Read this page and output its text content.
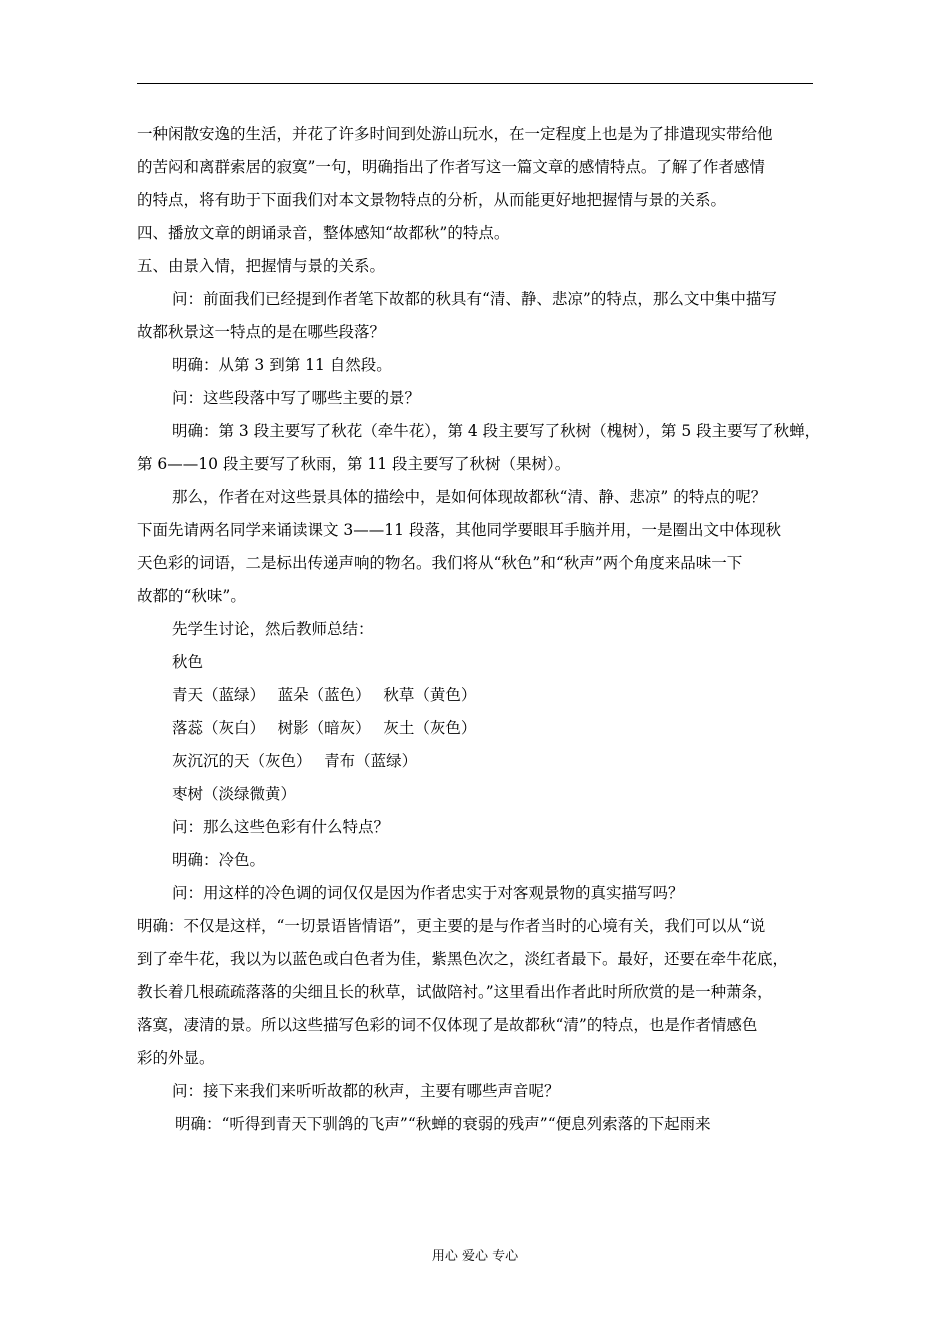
一种闲散安逸的生活，并花了许多时间到处游山玩水，在一定程度上也是为了排遣现实带给他
的苦闷和离群索居的寂寞”一句，明确指出了作者写这一篇文章的感情特点。了解了作者感情
的特点，将有助于下面我们对本文景物特点的分析，从而能更好地把握情与景的关系。
四、播放文章的朗诵录音，整体感知“故都秋”的特点。
五、由景入情，把握情与景的关系。
问：前面我们已经提到作者笔下故都的秋具有“清、静、悲凉”的特点，那么文中集中描写
故都秋景这一特点的是在哪些段落？
明确：从第 3 到第 11 自然段。
问：这些段落中写了哪些主要的景？
明确：第 3 段主要写了秋花（牵牛花），第 4 段主要写了秋树（槐树），第 5 段主要写了秋蝉，
第 6——10 段主要写了秋雨，第 11 段主要写了秋树（果树）。
那么，作者在对这些景具体的描绘中，是如何体现故都秋“清、静、悲凉” 的特点的呢？
下面先请两名同学来诵读课文 3——11 段落，其他同学要眼耳手脑并用，一是圈出文中体现秋
天色彩的词语，二是标出传递声响的物名。我们将从“秋色”和“秋声”两个角度来品味一下
故都的“秋味”。
先学生讨论，然后教师总结：
秋色
青天（蓝绿）　 蓝朵（蓝色）　 秋草（黄色）
落蕊（灰白）　 树影（暗灰）　 灰土（灰色）
灰沉沉的天（灰色）　 青布（蓝绿）
枣树（淡绿微黄）
问：那么这些色彩有什么特点？
明确：冷色。
问：用这样的冷色调的词仅仅是因为作者忠实于对客观景物的真实描写吗？
明确：不仅是这样，“一切景语皆情语”，更主要的是与作者当时的心境有关，我们可以从“说
到了牵牛花，我以为以蓝色或白色者为佳，紫黑色次之，淡红者最下。最好，还要在牵牛花底，
教长着几根疏疏落落的尖细且长的秋草，试做陪衬。”这里看出作者此时所欣赏的是一种萧条，
落寞，凄清的景。所以这些描写色彩的词不仅体现了是故都秋“清”的特点，也是作者情感色
彩的外显。
问：接下来我们来听听故都的秋声，主要有哪些声音呢？
明确：“听得到青天下驯鸽的飞声”“秋蝉的衰弱的残声”“便息列索落的下起雨来
用心 爱心 专心
